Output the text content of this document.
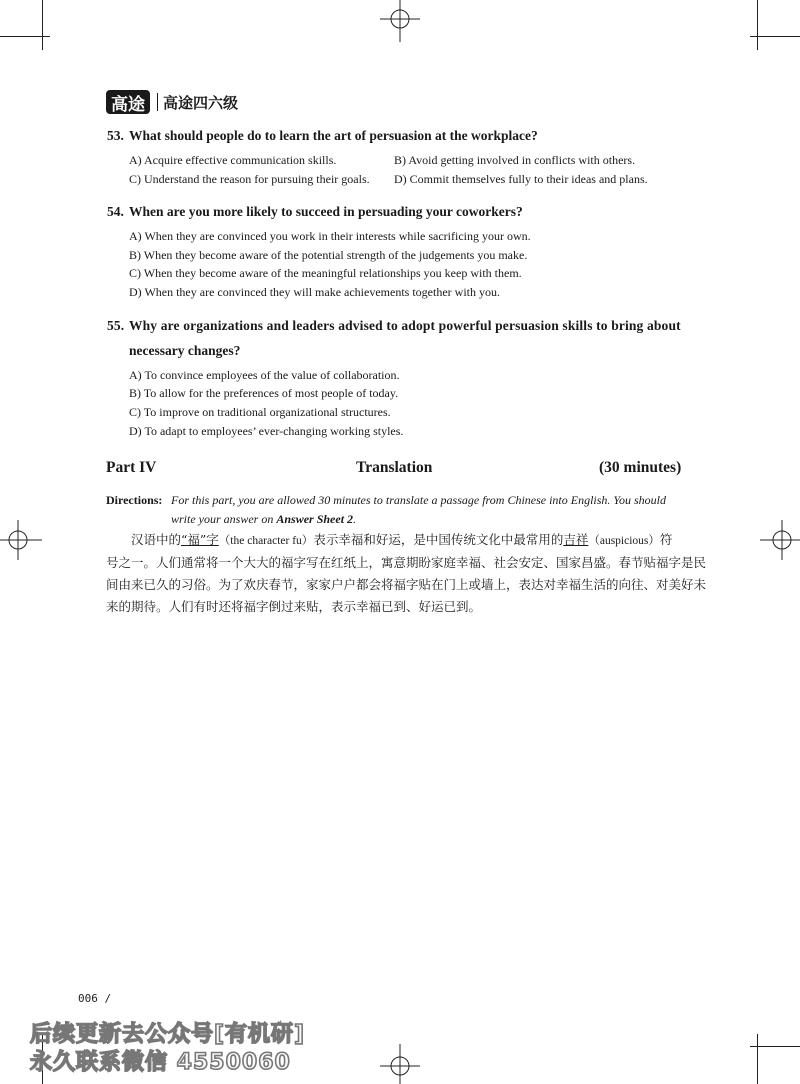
高途 高途四六级
53. What should people do to learn the art of persuasion at the workplace?
A) Acquire effective communication skills.	B) Avoid getting involved in conflicts with others.
C) Understand the reason for pursuing their goals. D) Commit themselves fully to their ideas and plans.
54. When are you more likely to succeed in persuading your coworkers?
A) When they are convinced you work in their interests while sacrificing your own.
B) When they become aware of the potential strength of the judgements you make.
C) When they become aware of the meaningful relationships you keep with them.
D) When they are convinced they will make achievements together with you.
55. Why are organizations and leaders advised to adopt powerful persuasion skills to bring about
necessary changes?
A) To convince employees of the value of collaboration.
B) To allow for the preferences of most people of today.
C) To improve on traditional organizational structures.
D) To adapt to employees’ ever-changing working styles.
Part IV	Translation	(30 minutes)
Directions: For this part, you are allowed 30 minutes to translate a passage from Chinese into English. You should
write your answer on Answer Sheet 2.
汉语中的“福”字（the character fu）表示幸福和好运，是中国传统文化中最常用的吉祥（auspicious）符
号之一。人们通常将一个大大的福字写在红纸上，寓意期盼家庭幸福、社会安定、国家昌盛。春节贴福字是民
间由来已久的习俗。为了欢庆春节，家家户户都会将福字贴在门上或墙上，表达对幸福生活的向往、对美好未
来的期待。人们有时还将福字倒过来贴，表示幸福已到、好运已到。
006 /
后续更新去公众号[有机研]
永久联系微信 4550060
